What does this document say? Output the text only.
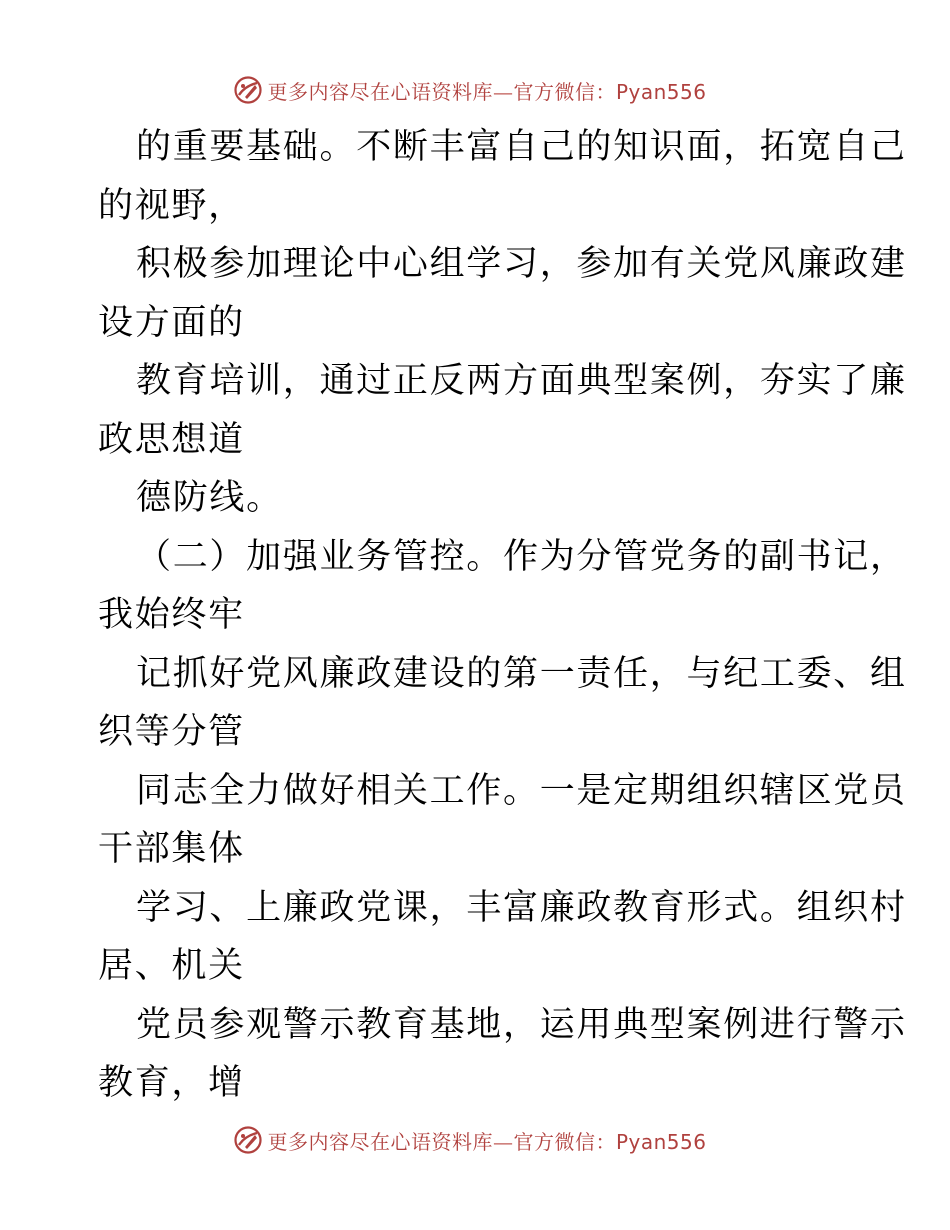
更多内容尽在心语资料库—官方微信：Pyan556
的重要基础。不断丰富自己的知识面，拓宽自己
的视野，
积极参加理论中心组学习，参加有关党风廉政建
设方面的
教育培训，通过正反两方面典型案例，夯实了廉
政思想道
德防线。
（二）加强业务管控。作为分管党务的副书记，
我始终牢
记抓好党风廉政建设的第一责任，与纪工委、组
织等分管
同志全力做好相关工作。一是定期组织辖区党员
干部集体
学习、上廉政党课，丰富廉政教育形式。组织村
居、机关
党员参观警示教育基地，运用典型案例进行警示
教育，增
更多内容尽在心语资料库—官方微信：Pyan556
